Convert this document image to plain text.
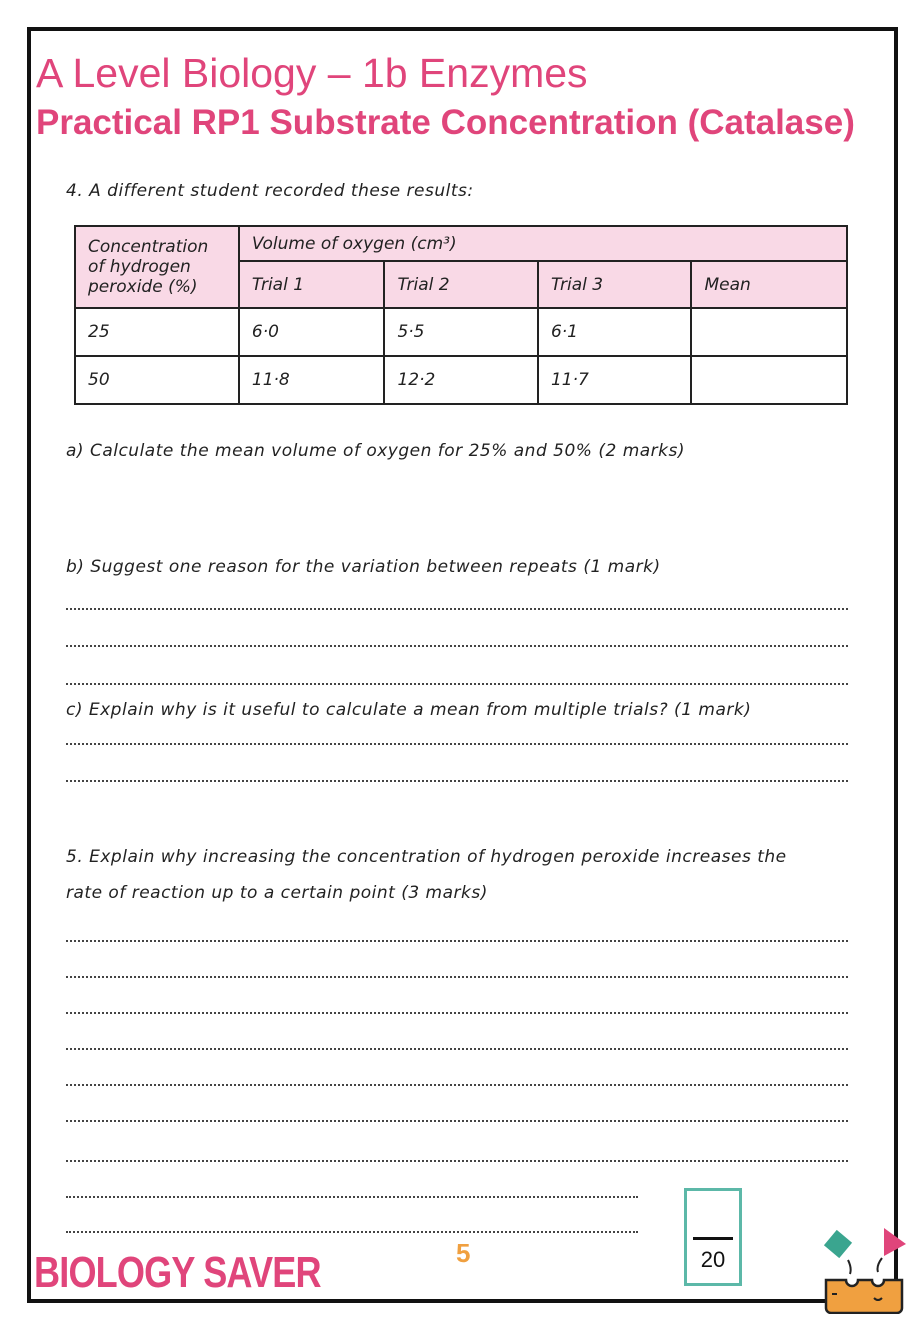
A Level Biology – 1b Enzymes
Practical RP1 Substrate Concentration (Catalase)
4. A different student recorded these results:
Concentration of hydrogen peroxide (%)	Volume of oxygen (cm³)			
	Trial 1	Trial 2	Trial 3	Mean
25	6·0	5·5	6·1	
50	11·8	12·2	11·7	
a) Calculate the mean volume of oxygen for 25% and 50% (2 marks)
b) Suggest one reason for the variation between repeats (1 mark)
c) Explain why is it useful to calculate a mean from multiple trials? (1 mark)
5. Explain why increasing the concentration of hydrogen peroxide increases the
rate of reaction up to a certain point (3 marks)
BIOLOGY SAVER	5	20
